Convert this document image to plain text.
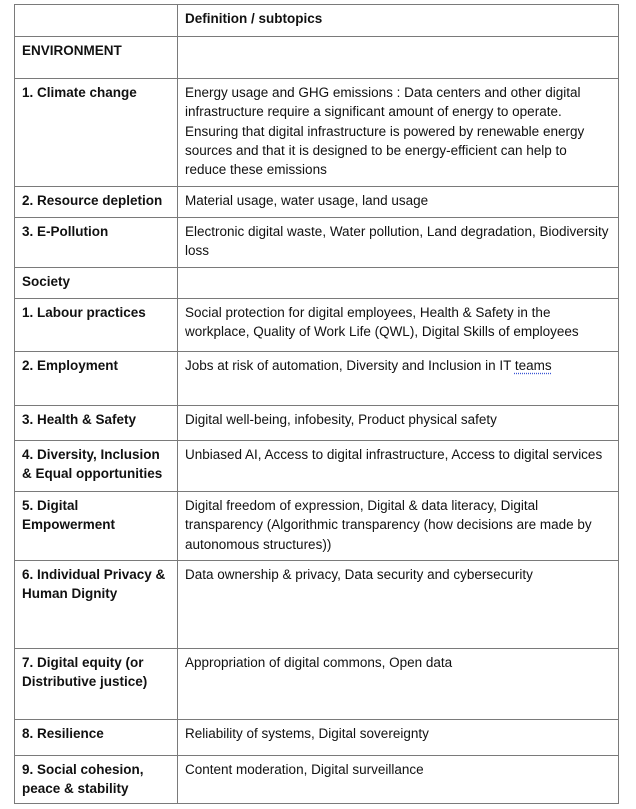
	Definition / subtopics
ENVIRONMENT	
1. Climate change	Energy usage and GHG emissions : Data centers and other digital infrastructure require a significant amount of energy to operate. Ensuring that digital infrastructure is powered by renewable energy sources and that it is designed to be energy-efficient can help to reduce these emissions
2. Resource depletion	Material usage, water usage, land usage
3. E-Pollution	Electronic digital waste, Water pollution, Land degradation, Biodiversity loss
Society	
1. Labour practices	Social protection for digital employees, Health & Safety in the workplace, Quality of Work Life (QWL), Digital Skills of employees
2. Employment	Jobs at risk of automation, Diversity and Inclusion in IT teams
3. Health & Safety	Digital well-being, infobesity, Product physical safety
4. Diversity, Inclusion & Equal opportunities	Unbiased AI, Access to digital infrastructure, Access to digital services
5. Digital Empowerment	Digital freedom of expression, Digital & data literacy, Digital transparency (Algorithmic transparency (how decisions are made by autonomous structures))
6. Individual Privacy & Human Dignity	Data ownership & privacy, Data security and cybersecurity
7. Digital equity (or Distributive justice)	Appropriation of digital commons, Open data
8. Resilience	Reliability of systems, Digital sovereignty
9. Social cohesion, peace & stability	Content moderation, Digital surveillance
